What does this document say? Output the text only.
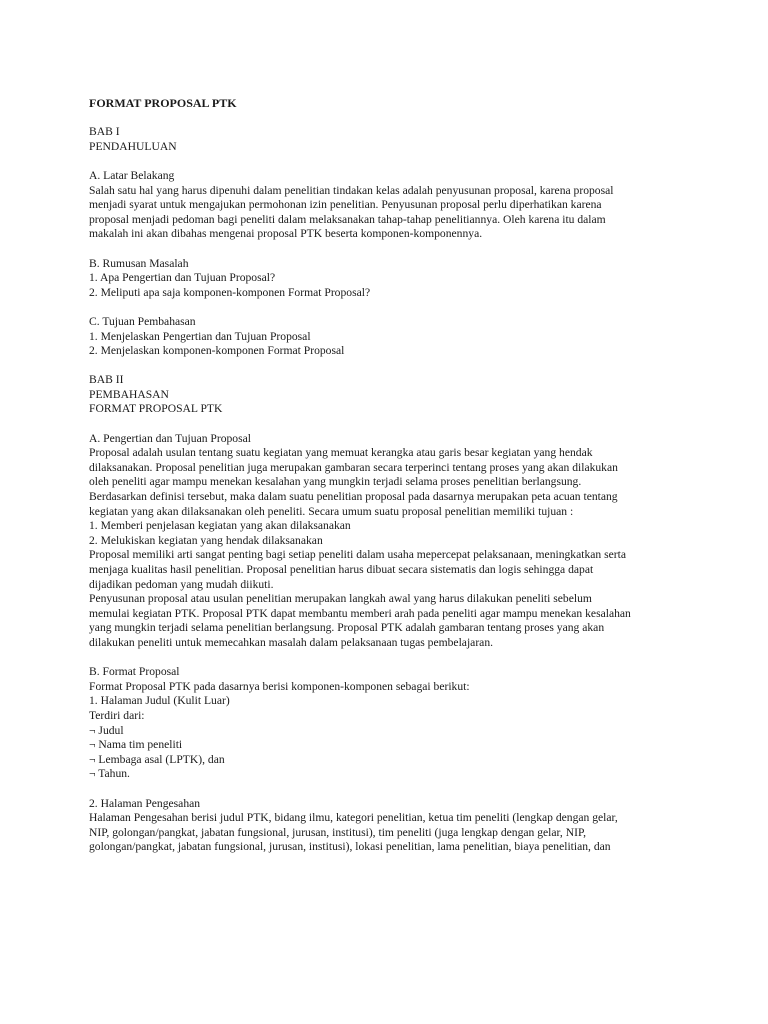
FORMAT PROPOSAL PTK
BAB I
PENDAHULUAN
A. Latar Belakang
Salah satu hal yang harus dipenuhi dalam penelitian tindakan kelas adalah penyusunan proposal, karena proposal
menjadi syarat untuk mengajukan permohonan izin penelitian. Penyusunan proposal perlu diperhatikan karena
proposal menjadi pedoman bagi peneliti dalam melaksanakan tahap-tahap penelitiannya. Oleh karena itu dalam
makalah ini akan dibahas mengenai proposal PTK beserta komponen-komponennya.
B. Rumusan Masalah
1. Apa Pengertian dan Tujuan Proposal?
2. Meliputi apa saja komponen-komponen Format Proposal?
C. Tujuan Pembahasan
1. Menjelaskan Pengertian dan Tujuan Proposal
2. Menjelaskan komponen-komponen Format Proposal
BAB II
PEMBAHASAN
FORMAT PROPOSAL PTK
A. Pengertian dan Tujuan Proposal
Proposal adalah usulan tentang suatu kegiatan yang memuat kerangka atau garis besar kegiatan yang hendak
dilaksanakan. Proposal penelitian juga merupakan gambaran secara terperinci tentang proses yang akan dilakukan
oleh peneliti agar mampu menekan kesalahan yang mungkin terjadi selama proses penelitian berlangsung.
Berdasarkan definisi tersebut, maka dalam suatu penelitian proposal pada dasarnya merupakan peta acuan tentang
kegiatan yang akan dilaksanakan oleh peneliti. Secara umum suatu proposal penelitian memiliki tujuan :
1. Memberi penjelasan kegiatan yang akan dilaksanakan
2. Melukiskan kegiatan yang hendak dilaksanakan
Proposal memiliki arti sangat penting bagi setiap peneliti dalam usaha mepercepat pelaksanaan, meningkatkan serta
menjaga kualitas hasil penelitian. Proposal penelitian harus dibuat secara sistematis dan logis sehingga dapat
dijadikan pedoman yang mudah diikuti.
Penyusunan proposal atau usulan penelitian merupakan langkah awal yang harus dilakukan peneliti sebelum
memulai kegiatan PTK. Proposal PTK dapat membantu memberi arah pada peneliti agar mampu menekan kesalahan
yang mungkin terjadi selama penelitian berlangsung. Proposal PTK adalah gambaran tentang proses yang akan
dilakukan peneliti untuk memecahkan masalah dalam pelaksanaan tugas pembelajaran.
B. Format Proposal
Format Proposal PTK pada dasarnya berisi komponen-komponen sebagai berikut:
1. Halaman Judul (Kulit Luar)
Terdiri dari:
¬ Judul
¬ Nama tim peneliti
¬ Lembaga asal (LPTK), dan
¬ Tahun.
2. Halaman Pengesahan
Halaman Pengesahan berisi judul PTK, bidang ilmu, kategori penelitian, ketua tim peneliti (lengkap dengan gelar,
NIP, golongan/pangkat, jabatan fungsional, jurusan, institusi), tim peneliti (juga lengkap dengan gelar, NIP,
golongan/pangkat, jabatan fungsional, jurusan, institusi), lokasi penelitian, lama penelitian, biaya penelitian, dan
